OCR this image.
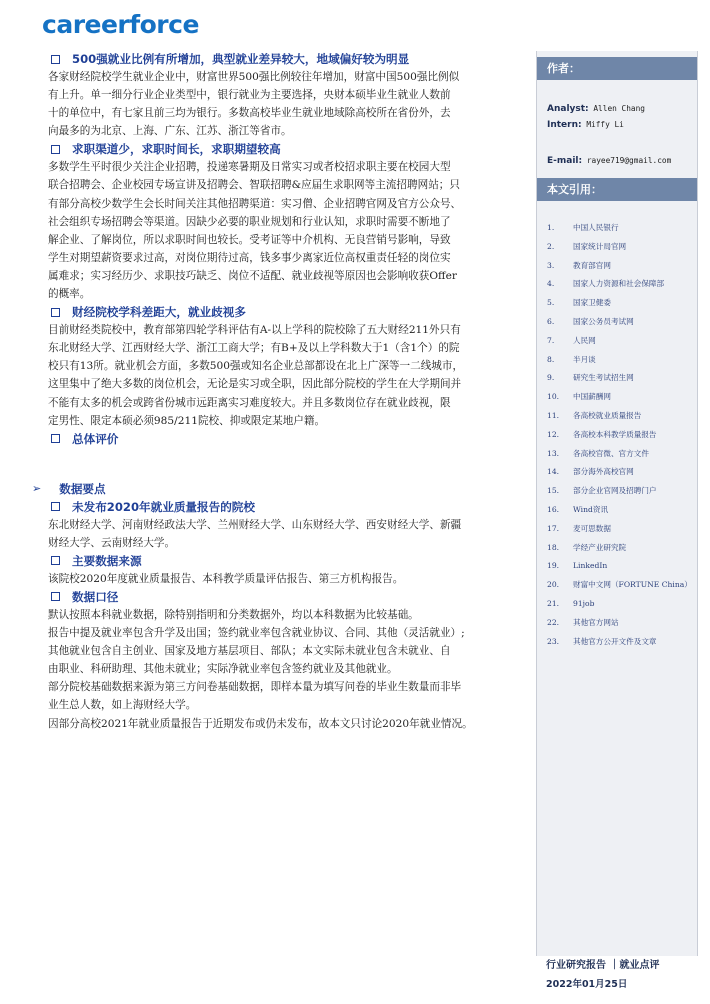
careerforce
500强就业比例有所增加，典型就业差异较大，地域偏好较为明显
各家财经院校学生就业企业中，财富世界500强比例较往年增加，财富中国500强比例似
有上升。单一细分行业企业类型中，银行就业为主要选择，央财本硕毕业生就业人数前
十的单位中，有七家且前三均为银行。多数高校毕业生就业地域除高校所在省份外，去
向最多的为北京、上海、广东、江苏、浙江等省市。
求职渠道少，求职时间长，求职期望较高
多数学生平时很少关注企业招聘，投递寒暑期及日常实习或者校招求职主要在校园大型
联合招聘会、企业校园专场宣讲及招聘会、智联招聘&应届生求职网等主流招聘网站；只
有部分高校少数学生会长时间关注其他招聘渠道：实习僧、企业招聘官网及官方公众号、
社会组织专场招聘会等渠道。因缺少必要的职业规划和行业认知，求职时需要不断地了
解企业、了解岗位，所以求职时间也较长。受考证等中介机构、无良营销号影响，导致
学生对期望薪资要求过高，对岗位期待过高，钱多事少离家近位高权重责任轻的岗位实
属难求；实习经历少、求职技巧缺乏、岗位不适配、就业歧视等原因也会影响收获Offer
的概率。
财经院校学科差距大，就业歧视多
目前财经类院校中，教育部第四轮学科评估有A-以上学科的院校除了五大财经211外只有
东北财经大学、江西财经大学、浙江工商大学；有B+及以上学科数大于1（含1个）的院
校只有13所。就业机会方面，多数500强或知名企业总部都设在北上广深等一二线城市，
这里集中了绝大多数的岗位机会，无论是实习或全职，因此部分院校的学生在大学期间并
不能有太多的机会或跨省份城市远距离实习难度较大。并且多数岗位存在就业歧视，限
定男性、限定本硕必须985/211院校、抑或限定某地户籍。
总体评价
➢ 数据要点
未发布2020年就业质量报告的院校
东北财经大学、河南财经政法大学、兰州财经大学、山东财经大学、西安财经大学、新疆
财经大学、云南财经大学。
主要数据来源
该院校2020年度就业质量报告、本科教学质量评估报告、第三方机构报告。
数据口径
默认按照本科就业数据，除特别指明和分类数据外，均以本科数据为比较基础。
报告中提及就业率包含升学及出国；签约就业率包含就业协议、合同、其他（灵活就业）;
其他就业包含自主创业、国家及地方基层项目、部队；本文实际未就业包含未就业、自
由职业、科研助理、其他未就业；实际净就业率包含签约就业及其他就业。
部分院校基础数据来源为第三方问卷基础数据，即样本量为填写问卷的毕业生数量而非毕
业生总人数，如上海财经大学。
因部分高校2021年就业质量报告于近期发布或仍未发布，故本文只讨论2020年就业情况。
作者：
Analyst: Allen Chang
Intern: Miffy Li
E-mail: rayee719@gmail.com
本文引用：
1. 中国人民银行
2. 国家统计局官网
3. 教育部官网
4. 国家人力资源和社会保障部
5. 国家卫健委
6. 国家公务员考试网
7. 人民网
8. 半月谈
9. 研究生考试招生网
10. 中国薪酬网
11. 各高校就业质量报告
12. 各高校本科教学质量报告
13. 各高校官微、官方文件
14. 部分海外高校官网
15. 部分企业官网及招聘门户
16. Wind资讯
17. 麦可思数据
18. 学经产业研究院
19. LinkedIn
20. 财富中文网（FORTUNE China）
21. 91job
22. 其他官方网站
23. 其他官方公开文件及文章
行业研究报告 ｜就业点评
2022年01月25日
